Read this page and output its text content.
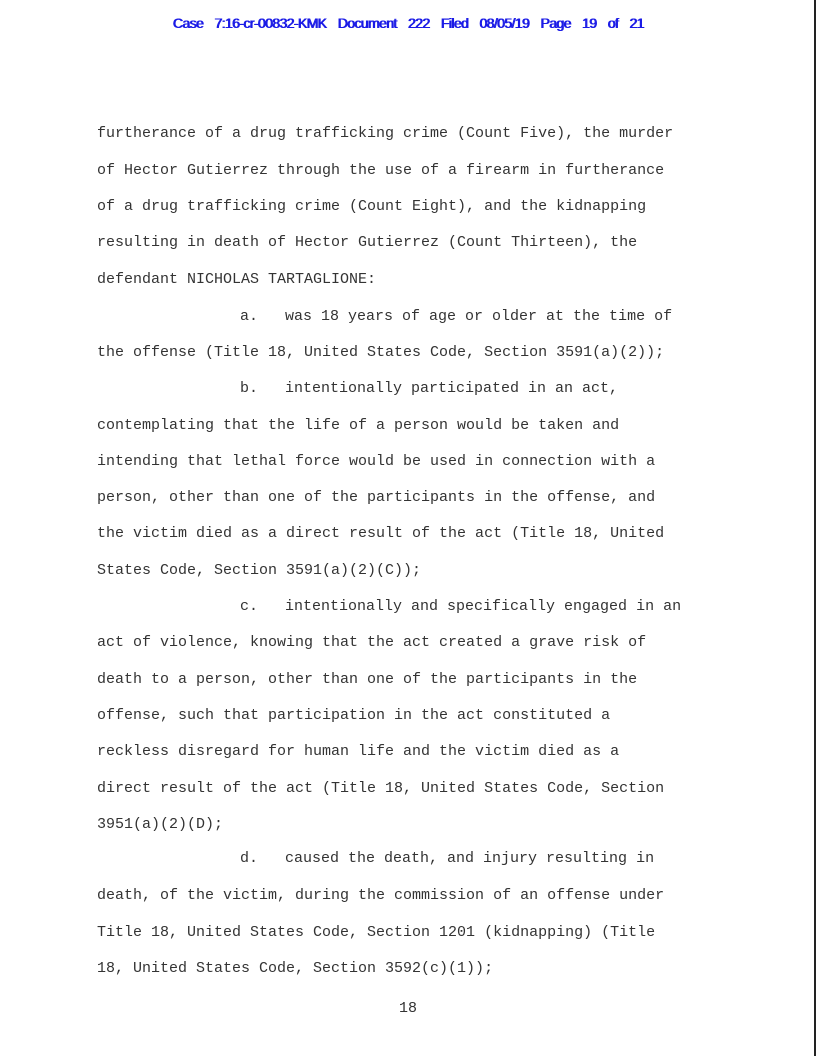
Case 7:16-cr-00832-KMK Document 222 Filed 08/05/19 Page 19 of 21
furtherance of a drug trafficking crime (Count Five), the murder
of Hector Gutierrez through the use of a firearm in furtherance
of a drug trafficking crime (Count Eight), and the kidnapping
resulting in death of Hector Gutierrez (Count Thirteen), the
defendant NICHOLAS TARTAGLIONE:
a.   was 18 years of age or older at the time of
the offense (Title 18, United States Code, Section 3591(a)(2));
b.   intentionally participated in an act,
contemplating that the life of a person would be taken and
intending that lethal force would be used in connection with a
person, other than one of the participants in the offense, and
the victim died as a direct result of the act (Title 18, United
States Code, Section 3591(a)(2)(C));
c.   intentionally and specifically engaged in an
act of violence, knowing that the act created a grave risk of
death to a person, other than one of the participants in the
offense, such that participation in the act constituted a
reckless disregard for human life and the victim died as a
direct result of the act (Title 18, United States Code, Section
3951(a)(2)(D);
d.   caused the death, and injury resulting in
death, of the victim, during the commission of an offense under
Title 18, United States Code, Section 1201 (kidnapping) (Title
18, United States Code, Section 3592(c)(1));
18
